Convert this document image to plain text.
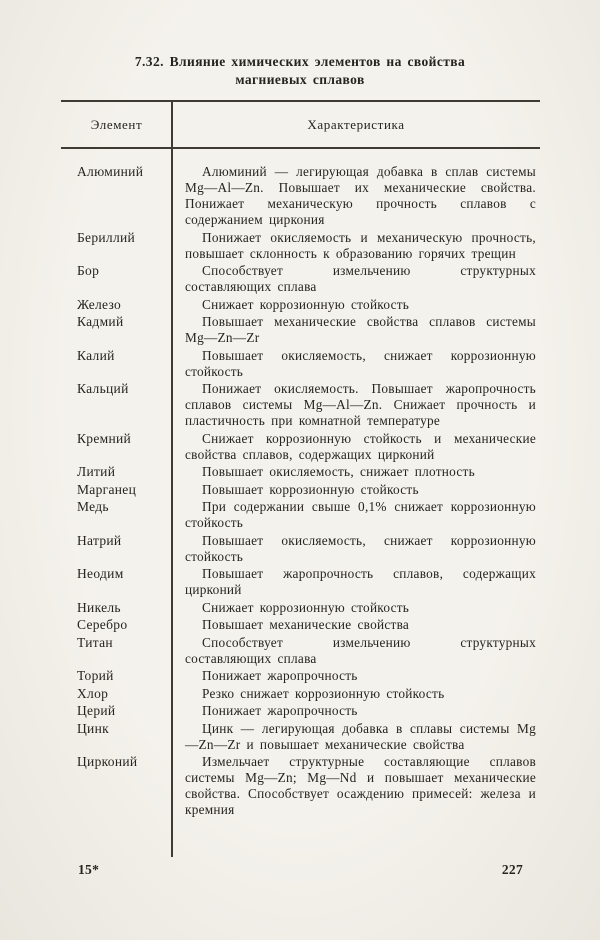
7.32. Влияние химических элементов на свойства
магниевых сплавов
Элемент	Характеристика
Алюминий	Алюминий — легирующая добавка в сплав системы Mg—Al—Zn. Повышает их механические свойства. Понижает механическую прочность сплавов с содержанием циркония
Бериллий	Понижает окисляемость и механическую прочность, повышает склонность к образованию горячих трещин
Бор	Способствует измельчению структурных составляющих сплава
Железо	Снижает коррозионную стойкость
Кадмий	Повышает механические свойства сплавов системы Mg—Zn—Zr
Калий	Повышает окисляемость, снижает коррозионную стойкость
Кальций	Понижает окисляемость. Повышает жаропрочность сплавов системы Mg—Al—Zn. Снижает прочность и пластичность при комнатной температуре
Кремний	Снижает коррозионную стойкость и механические свойства сплавов, содержащих цирконий
Литий	Повышает окисляемость, снижает плотность
Марганец	Повышает коррозионную стойкость
Медь	При содержании свыше 0,1% снижает коррозионную стойкость
Натрий	Повышает окисляемость, снижает коррозионную стойкость
Неодим	Повышает жаропрочность сплавов, содержащих цирконий
Никель	Снижает коррозионную стойкость
Серебро	Повышает механические свойства
Титан	Способствует измельчению структурных составляющих сплава
Торий	Понижает жаропрочность
Хлор	Резко снижает коррозионную стойкость
Церий	Понижает жаропрочность
Цинк	Цинк — легирующая добавка в сплавы системы Mg—Zn—Zr и повышает механические свойства
Цирконий	Измельчает структурные составляющие сплавов системы Mg—Zn; Mg—Nd и повышает механические свойства. Способствует осаждению примесей: железа и кремния
15*	227
